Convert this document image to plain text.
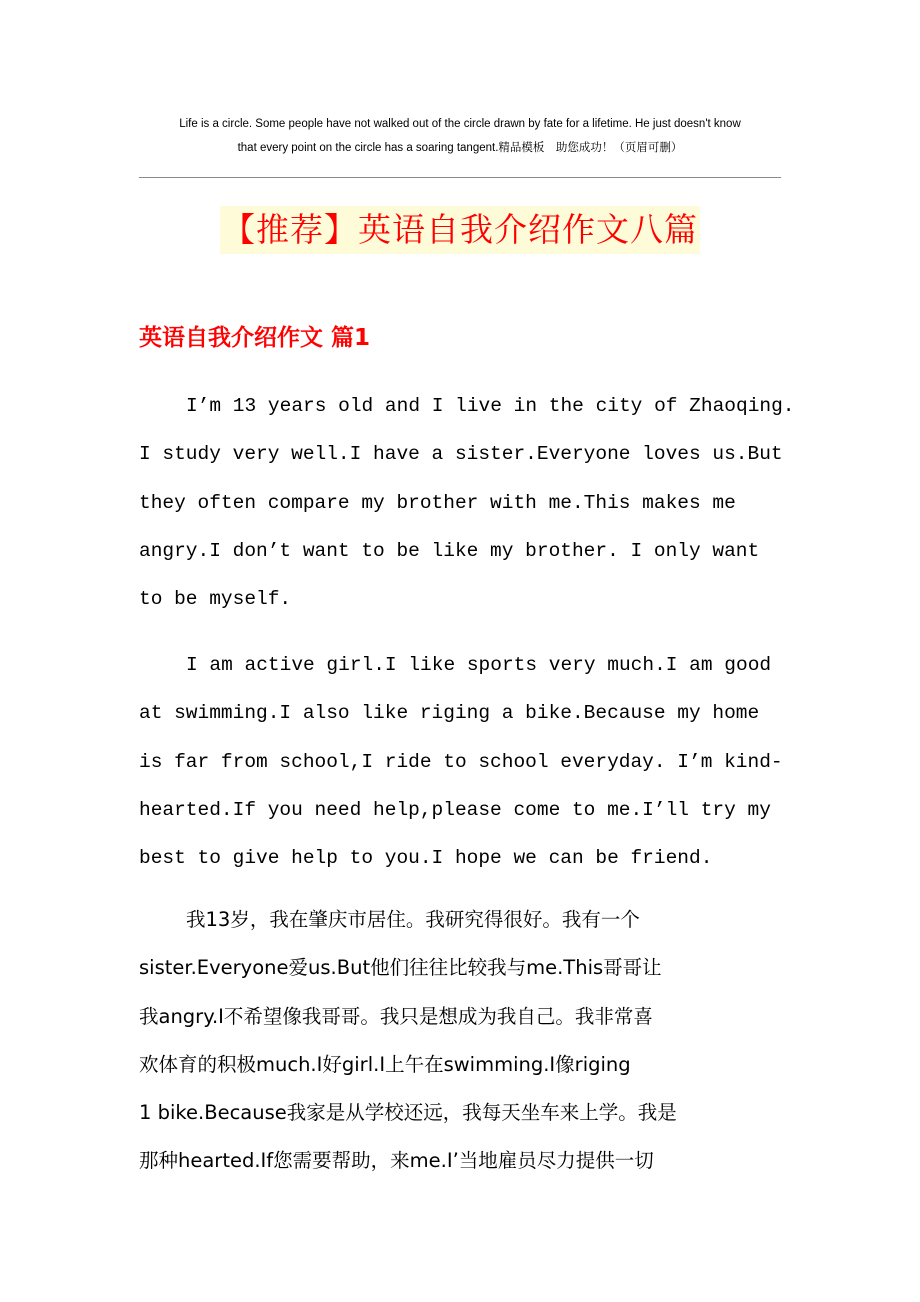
Life is a circle. Some people have not walked out of the circle drawn by fate for a lifetime. He just doesn't know
that every point on the circle has a soaring tangent.精品模板　助您成功！（页眉可删）
【推荐】英语自我介绍作文八篇
英语自我介绍作文 篇1
I’m 13 years old and I live in the city of Zhaoqing.
I study very well.I have a sister.Everyone loves us.But
they often compare my brother with me.This makes me
angry.I don’t want to be like my brother. I only want
to be myself.
I am active girl.I like sports very much.I am good
at swimming.I also like riging a bike.Because my home
is far from school,I ride to school everyday. I’m kind-
hearted.If you need help,please come to me.I’ll try my
best to give help to you.I hope we can be friend.
我13岁，我在肇庆市居住。我研究得很好。我有一个
sister.Everyone爱us.But他们往往比较我与me.This哥哥让
我angry.I不希望像我哥哥。我只是想成为我自己。我非常喜
欢体育的积极much.I好girl.I上午在swimming.I像riging
1 bike.Because我家是从学校还远，我每天坐车来上学。我是
那种hearted.If您需要帮助，来me.I’当地雇员尽力提供一切
